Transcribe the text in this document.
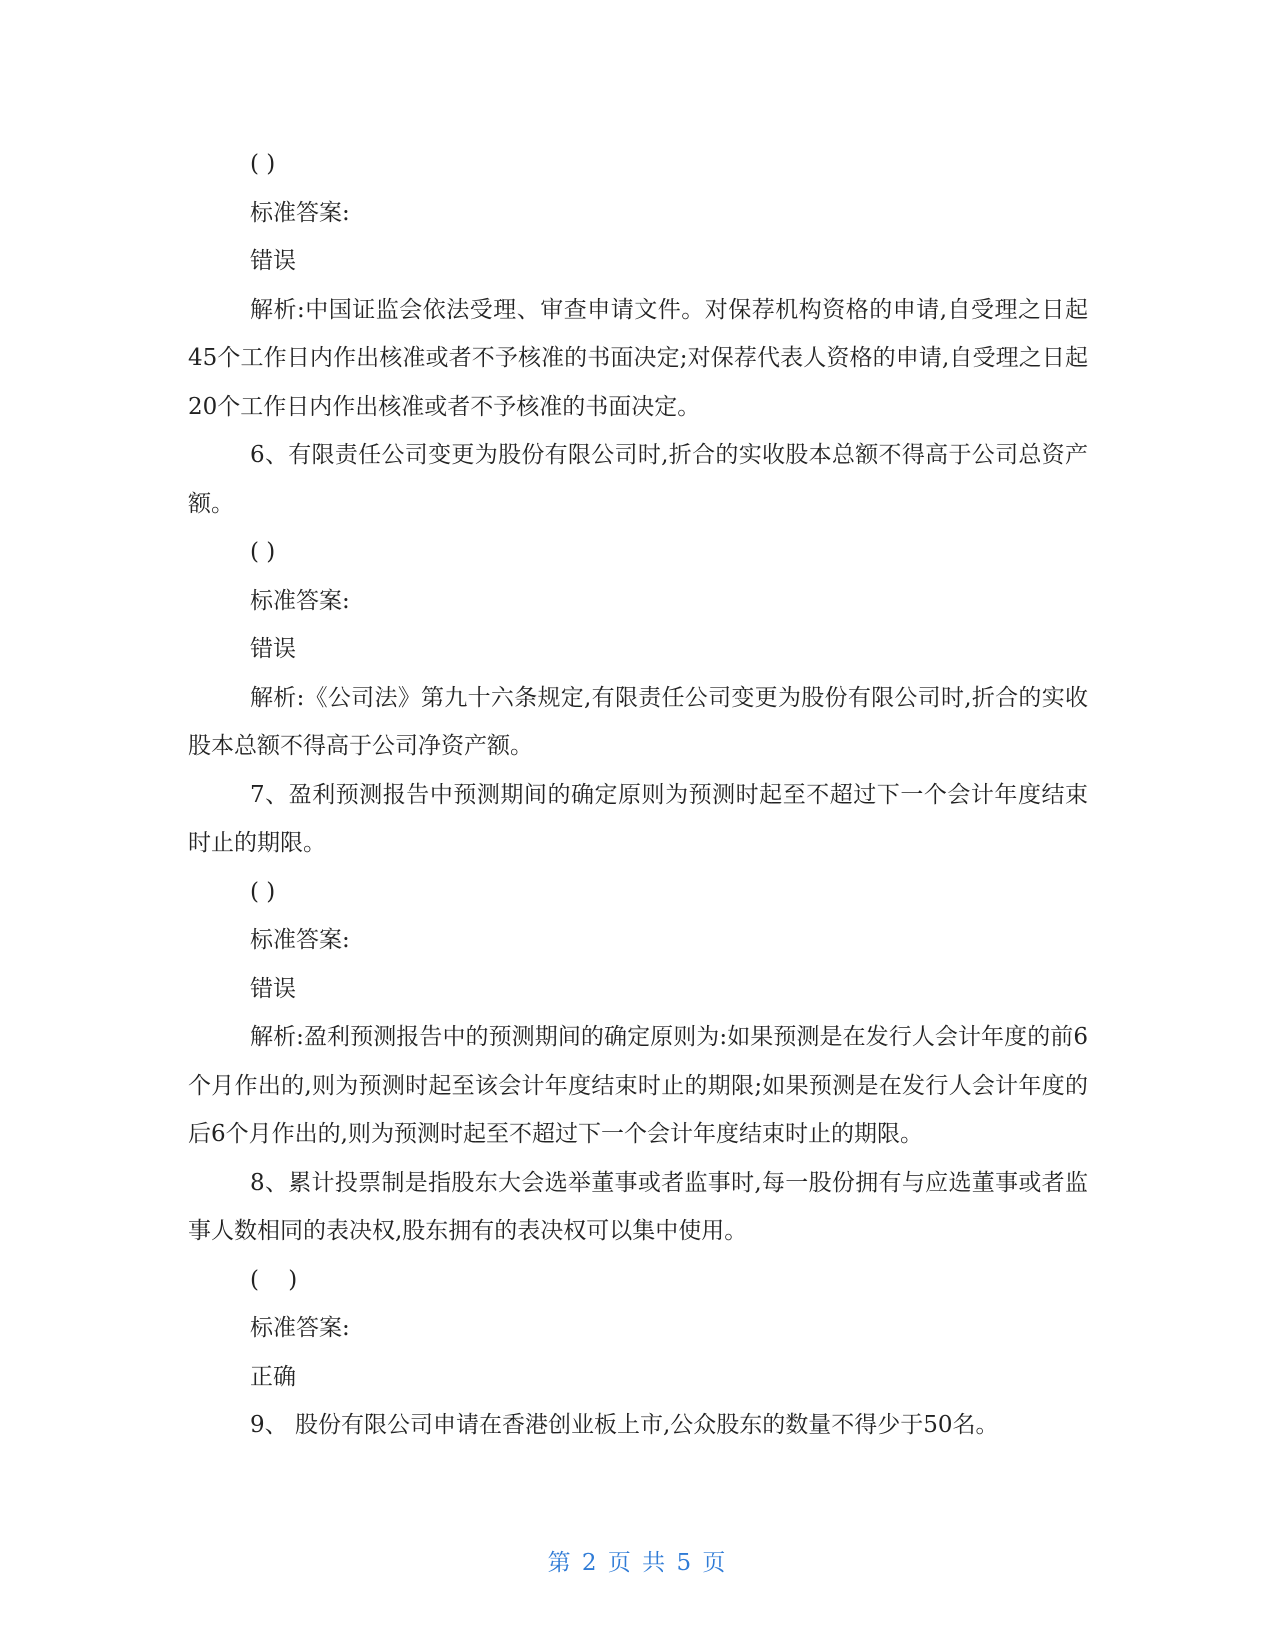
( )

标准答案:

错误

解析:中国证监会依法受理、审查申请文件。对保荐机构资格的申请,自受理之日起45个工作日内作出核准或者不予核准的书面决定;对保荐代表人资格的申请,自受理之日起20个工作日内作出核准或者不予核准的书面决定。

6、有限责任公司变更为股份有限公司时,折合的实收股本总额不得高于公司总资产额。

( )

标准答案:

错误

解析:《公司法》第九十六条规定,有限责任公司变更为股份有限公司时,折合的实收股本总额不得高于公司净资产额。

7、盈利预测报告中预测期间的确定原则为预测时起至不超过下一个会计年度结束时止的期限。

( )

标准答案:

错误

解析:盈利预测报告中的预测期间的确定原则为:如果预测是在发行人会计年度的前6个月作出的,则为预测时起至该会计年度结束时止的期限;如果预测是在发行人会计年度的后6个月作出的,则为预测时起至不超过下一个会计年度结束时止的期限。

8、累计投票制是指股东大会选举董事或者监事时,每一股份拥有与应选董事或者监事人数相同的表决权,股东拥有的表决权可以集中使用。

(    )

标准答案:

正确

9、 股份有限公司申请在香港创业板上市,公众股东的数量不得少于50名。

第 2 页 共 5 页
